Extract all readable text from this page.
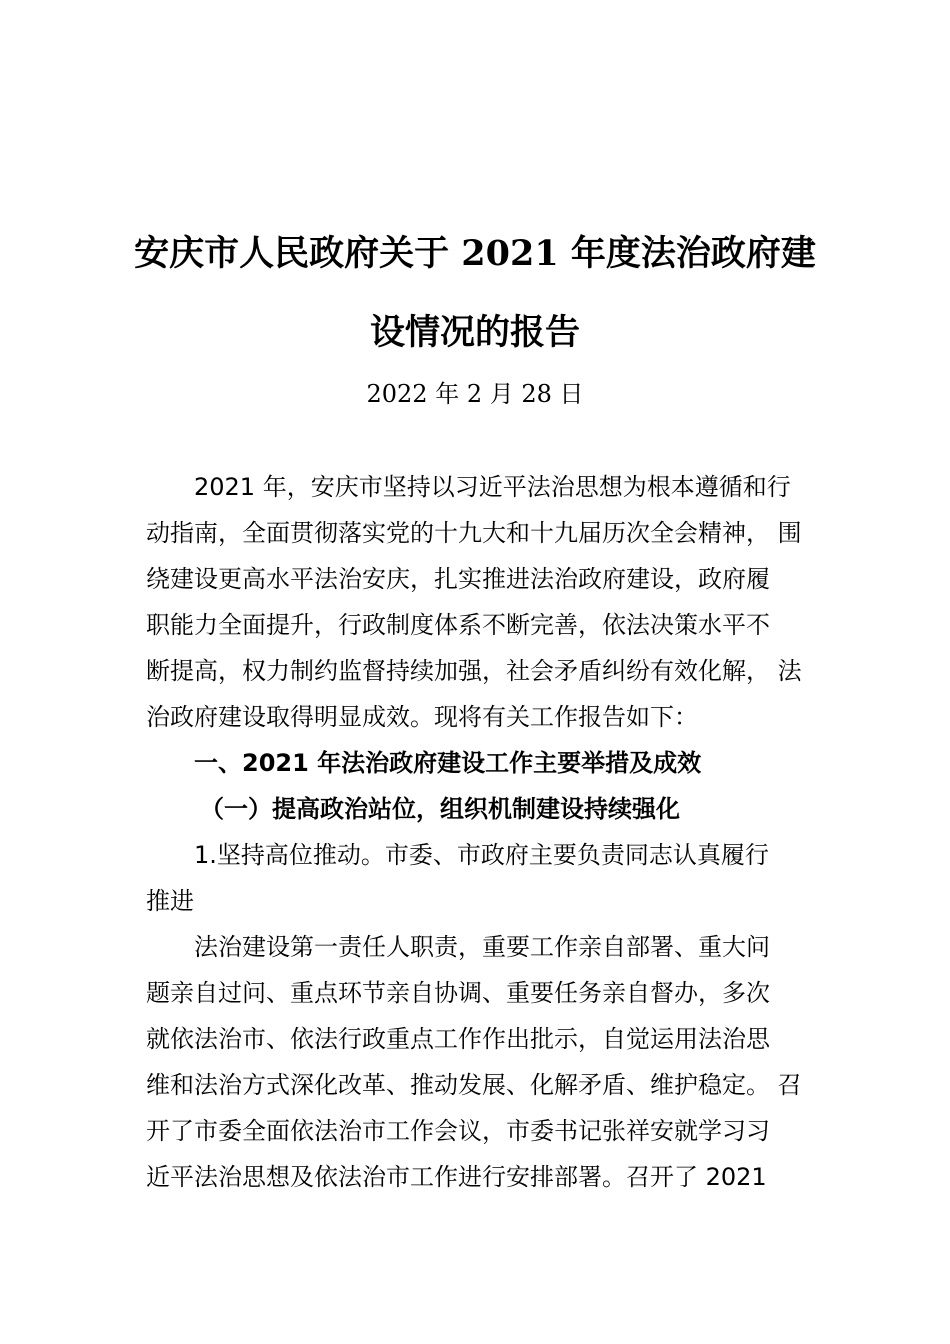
安庆市人民政府关于 2021 年度法治政府建
设情况的报告
2022 年 2 月 28 日
2021 年，安庆市坚持以习近平法治思想为根本遵循和行
动指南，全面贯彻落实党的十九大和十九届历次全会精神， 围
绕建设更高水平法治安庆，扎实推进法治政府建设，政府履
职能力全面提升，行政制度体系不断完善，依法决策水平不
断提高，权力制约监督持续加强，社会矛盾纠纷有效化解， 法
治政府建设取得明显成效。现将有关工作报告如下：
一、2021 年法治政府建设工作主要举措及成效
（一）提高政治站位，组织机制建设持续强化
1.坚持高位推动。市委、市政府主要负责同志认真履行
推进
法治建设第一责任人职责，重要工作亲自部署、重大问
题亲自过问、重点环节亲自协调、重要任务亲自督办，多次
就依法治市、依法行政重点工作作出批示，自觉运用法治思
维和法治方式深化改革、推动发展、化解矛盾、维护稳定。 召
开了市委全面依法治市工作会议，市委书记张祥安就学习习
近平法治思想及依法治市工作进行安排部署。召开了 2021
